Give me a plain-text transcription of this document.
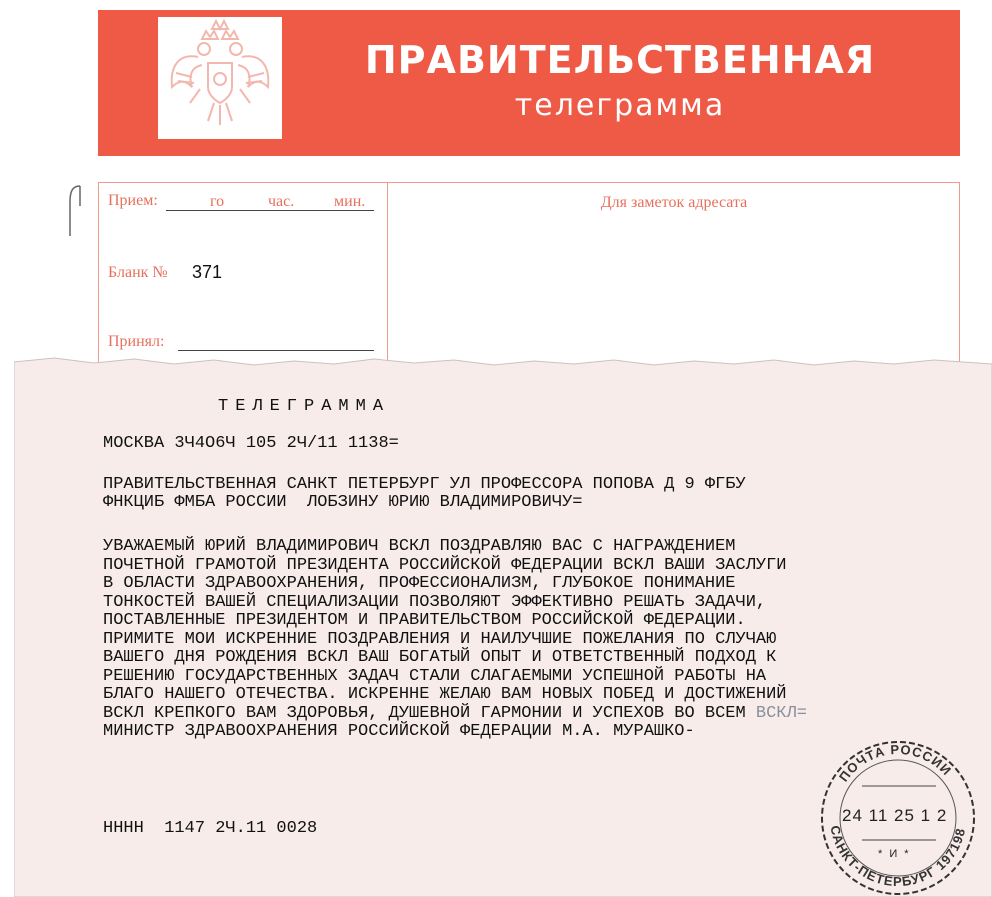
ПРАВИТЕЛЬСТВЕННАЯ
телеграмма
Прием:	го	час. мин.
Бланк № 371
Принял:
Для заметок адресата
ТЕЛЕГРАММА
МОСКВА 3Ч4О6Ч 105 2Ч/11 1138=
ПРАВИТЕЛЬСТВЕННАЯ САНКТ ПЕТЕРБУРГ УЛ ПРОФЕССОРА ПОПОВА Д 9 ФГБУ
ФНКЦИБ ФМБА РОССИИ  ЛОБЗИНУ ЮРИЮ ВЛАДИМИРОВИЧУ=
УВАЖАЕМЫЙ ЮРИЙ ВЛАДИМИРОВИЧ ВСКЛ ПОЗДРАВЛЯЮ ВАС С НАГРАЖДЕНИЕМ
ПОЧЕТНОЙ ГРАМОТОЙ ПРЕЗИДЕНТА РОССИЙСКОЙ ФЕДЕРАЦИИ ВСКЛ ВАШИ ЗАСЛУГИ
В ОБЛАСТИ ЗДРАВООХРАНЕНИЯ, ПРОФЕССИОНАЛИЗМ, ГЛУБОКОЕ ПОНИМАНИЕ
ТОНКОСТЕЙ ВАШЕЙ СПЕЦИАЛИЗАЦИИ ПОЗВОЛЯЮТ ЭФФЕКТИВНО РЕШАТЬ ЗАДАЧИ,
ПОСТАВЛЕННЫЕ ПРЕЗИДЕНТОМ И ПРАВИТЕЛЬСТВОМ РОССИЙСКОЙ ФЕДЕРАЦИИ.
ПРИМИТЕ МОИ ИСКРЕННИЕ ПОЗДРАВЛЕНИЯ И НАИЛУЧШИЕ ПОЖЕЛАНИЯ ПО СЛУЧАЮ
ВАШЕГО ДНЯ РОЖДЕНИЯ ВСКЛ ВАШ БОГАТЫЙ ОПЫТ И ОТВЕТСТВЕННЫЙ ПОДХОД К
РЕШЕНИЮ ГОСУДАРСТВЕННЫХ ЗАДАЧ СТАЛИ СЛАГАЕМЫМИ УСПЕШНОЙ РАБОТЫ НА
БЛАГО НАШЕГО ОТЕЧЕСТВА. ИСКРЕННЕ ЖЕЛАЮ ВАМ НОВЫХ ПОБЕД И ДОСТИЖЕНИЙ
ВСКЛ КРЕПКОГО ВАМ ЗДОРОВЬЯ, ДУШЕВНОЙ ГАРМОНИИ И УСПЕХОВ ВО ВСЕМ ВСКЛ=
МИНИСТР ЗДРАВООХРАНЕНИЯ РОССИЙСКОЙ ФЕДЕРАЦИИ М.А. МУРАШКО-
НННН  1147 2Ч.11 0028
ПОЧТА РОССИИ
САНКТ-ПЕТЕРБУРГ 197198
24 11 25 1 2
* И *
